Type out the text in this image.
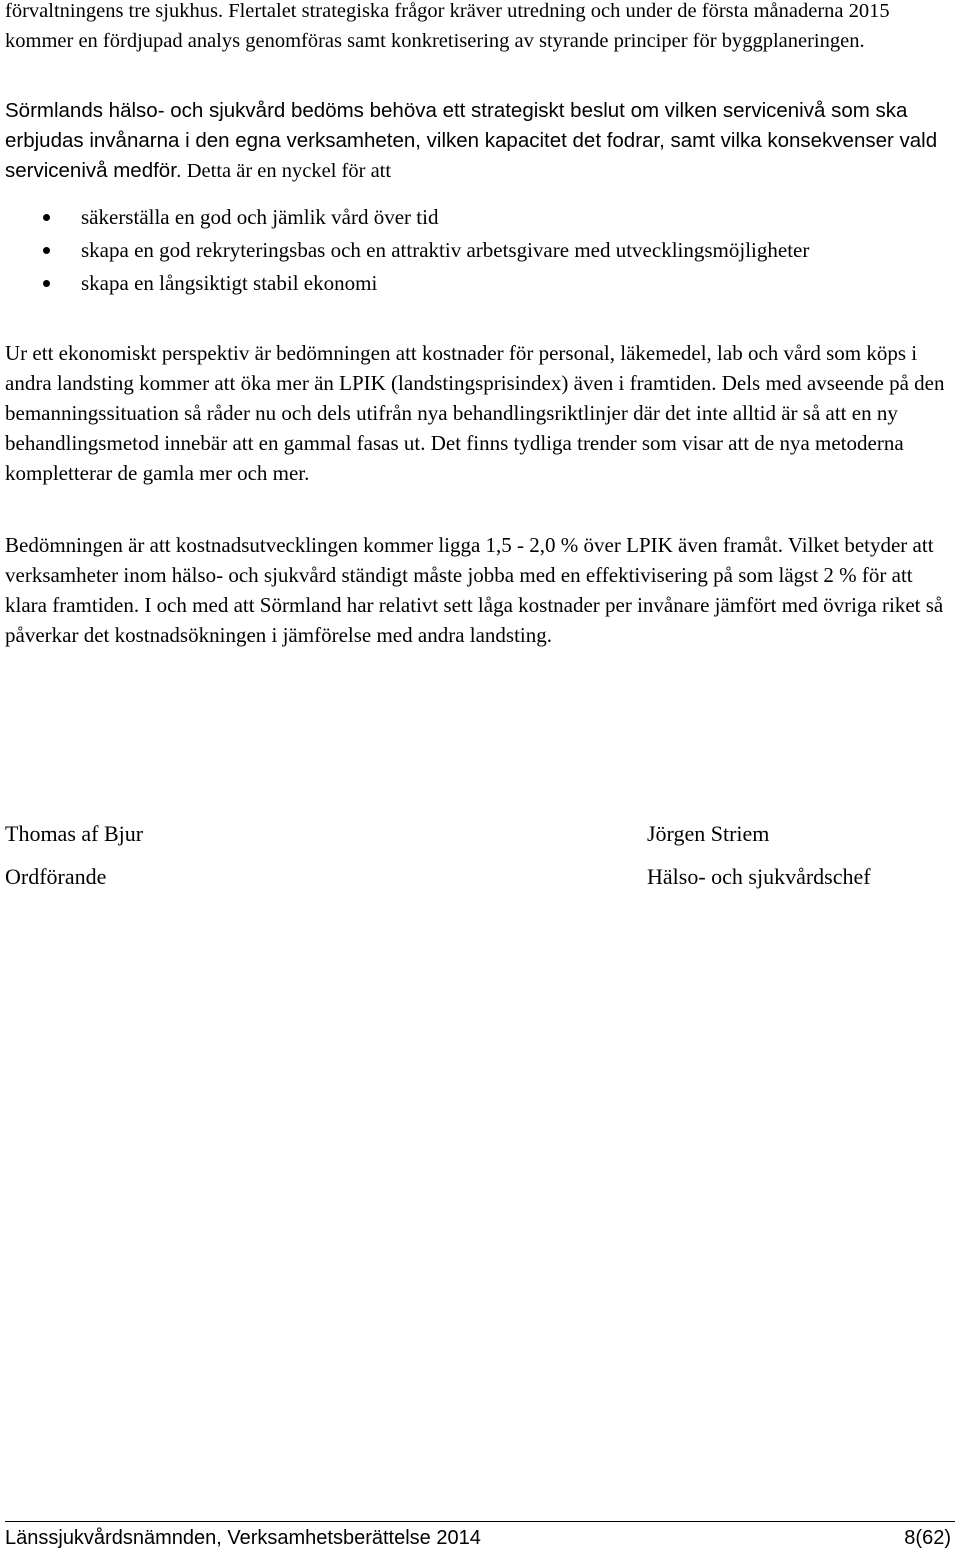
förvaltningens tre sjukhus. Flertalet strategiska frågor kräver utredning och under de första månaderna 2015 kommer en fördjupad analys genomföras samt konkretisering av styrande principer för byggplaneringen.

Sörmlands hälso- och sjukvård bedöms behöva ett strategiskt beslut om vilken servicenivå som ska erbjudas invånarna i den egna verksamheten, vilken kapacitet det fodrar, samt vilka konsekvenser vald servicenivå medför. Detta är en nyckel för att

säkerställa en god och jämlik vård över tid
skapa en god rekryteringsbas och en attraktiv arbetsgivare med utvecklingsmöjligheter
skapa en långsiktigt stabil ekonomi

Ur ett ekonomiskt perspektiv är bedömningen att kostnader för personal, läkemedel, lab och vård som köps i andra landsting kommer att öka mer än LPIK (landstingsprisindex) även i framtiden. Dels med avseende på den bemanningssituation så råder nu och dels utifrån nya behandlingsriktlinjer där det inte alltid är så att en ny behandlingsmetod innebär att en gammal fasas ut. Det finns tydliga trender som visar att de nya metoderna kompletterar de gamla mer och mer.

Bedömningen är att kostnadsutvecklingen kommer ligga 1,5 - 2,0 % över LPIK även framåt. Vilket betyder att verksamheter inom hälso- och sjukvård ständigt måste jobba med en effektivisering på som lägst 2 % för att klara framtiden. I och med att Sörmland har relativt sett låga kostnader per invånare jämfört med övriga riket så påverkar det kostnadsökningen i jämförelse med andra landsting.

Thomas af Bjur
Ordförande
Jörgen Striem
Hälso- och sjukvårdschef
Länssjukvårdsnämnden, Verksamhetsberättelse 2014	8(62)
